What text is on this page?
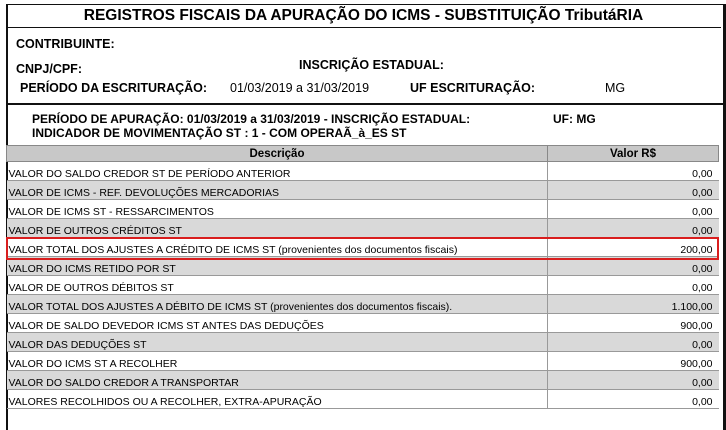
REGISTROS FISCAIS DA APURAÇÃO DO ICMS - SUBSTITUIÇÃO TributáRIA
CONTRIBUINTE:
CNPJ/CPF:	INSCRIÇÃO ESTADUAL:
PERÍODO DA ESCRITURAÇÃO: 01/03/2019 a 31/03/2019	UF ESCRITURAÇÃO:	MG
PERÍODO DE APURAÇÃO: 01/03/2019 a 31/03/2019 - INSCRIÇÃO ESTADUAL:	UF: MG
INDICADOR DE MOVIMENTAÇÃO ST : 1 - COM OPERAÃ_à_ES ST
Descrição	Valor R$
VALOR DO SALDO CREDOR ST DE PERÍODO ANTERIOR	0,00
VALOR DE ICMS - REF. DEVOLUÇÕES MERCADORIAS	0,00
VALOR DE ICMS ST - RESSARCIMENTOS	0,00
VALOR DE OUTROS CRÉDITOS ST	0,00
VALOR TOTAL DOS AJUSTES A CRÉDITO DE ICMS ST (provenientes dos documentos fiscais)	200,00
VALOR DO ICMS RETIDO POR ST	0,00
VALOR DE OUTROS DÉBITOS ST	0,00
VALOR TOTAL DOS AJUSTES A DÉBITO DE ICMS ST (provenientes dos documentos fiscais).	1.100,00
VALOR DE SALDO DEVEDOR ICMS ST ANTES DAS DEDUÇÕES	900,00
VALOR DAS DEDUÇÕES ST	0,00
VALOR DO ICMS ST A RECOLHER	900,00
VALOR DO SALDO CREDOR A TRANSPORTAR	0,00
VALORES RECOLHIDOS OU A RECOLHER, EXTRA-APURAÇÃO	0,00
